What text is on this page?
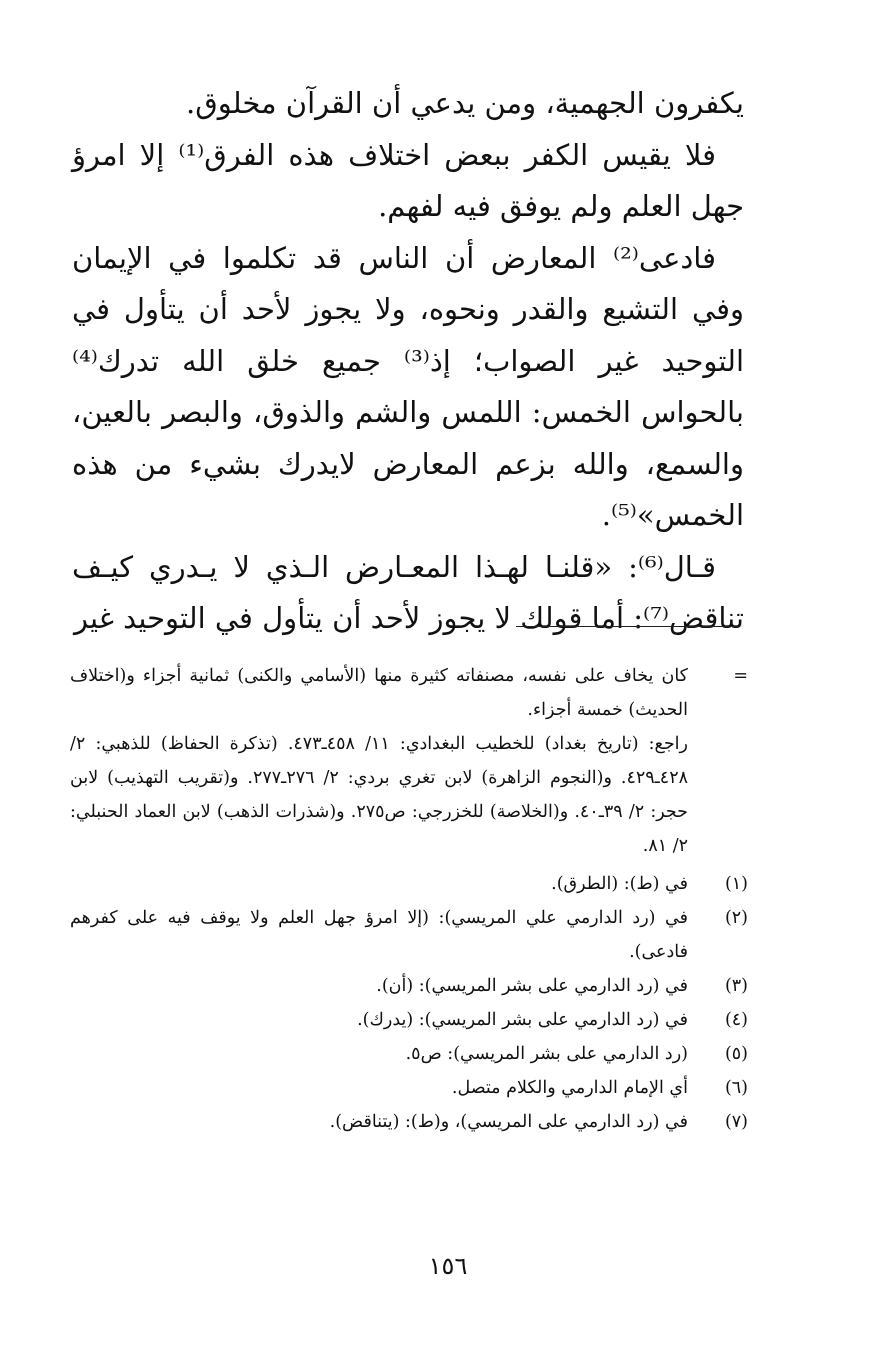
يكفرون الجهمية، ومن يدعي أن القرآن مخلوق.

فلا يقيس الكفر ببعض اختلاف هذه الفرق⁽¹⁾ إلا امرؤ جهل العلم ولم يوفق فيه لفهم.

فادعى⁽²⁾ المعارض أن الناس قد تكلموا في الإيمان وفي التشيع والقدر ونحوه، ولا يجوز لأحد أن يتأول في التوحيد غير الصواب؛ إذ⁽³⁾ جميع خلق الله تدرك⁽⁴⁾ بالحواس الخمس: اللمس والشم والذوق، والبصر بالعين، والسمع، والله بزعم المعارض لايدرك بشيء من هذه الخمس»⁽⁵⁾.

قـال⁽⁶⁾: «قلنـا لهـذا المعـارض الـذي لا يـدري كيـف تناقض⁽⁷⁾: أما قولك لا يجوز لأحد أن يتأول في التوحيد غير

=

كان يخاف على نفسه، مصنفاته كثيرة منها (الأسامي والكنى) ثمانية أجزاء و(اختلاف الحديث) خمسة أجزاء.

راجع: (تاريخ بغداد) للخطيب البغدادي: ١١/ ٤٥٨ـ٤٧٣. (تذكرة الحفاظ) للذهبي: ٢/ ٤٢٨ـ٤٢٩. و(النجوم الزاهرة) لابن تغري بردي: ٢/ ٢٧٦ـ٢٧٧. و(تقريب التهذيب) لابن حجر: ٢/ ٣٩ـ٤٠. و(الخلاصة) للخزرجي: ص٢٧٥. و(شذرات الذهب) لابن العماد الحنبلي: ٢/ ٨١.

(١)
في (ط): (الطرق).
(٢)
في (رد الدارمي علي المريسي): (إلا امرؤ جهل العلم ولا يوقف فيه على كفرهم فادعى).
(٣)
في (رد الدارمي على بشر المريسي): (أن).
(٤)
في (رد الدارمي على بشر المريسي): (يدرك).
(٥)
(رد الدارمي على بشر المريسي): ص٥.
(٦)
أي الإمام الدارمي والكلام متصل.
(٧)
في (رد الدارمي على المريسي)، و(ط): (يتناقض).
١٥٦
